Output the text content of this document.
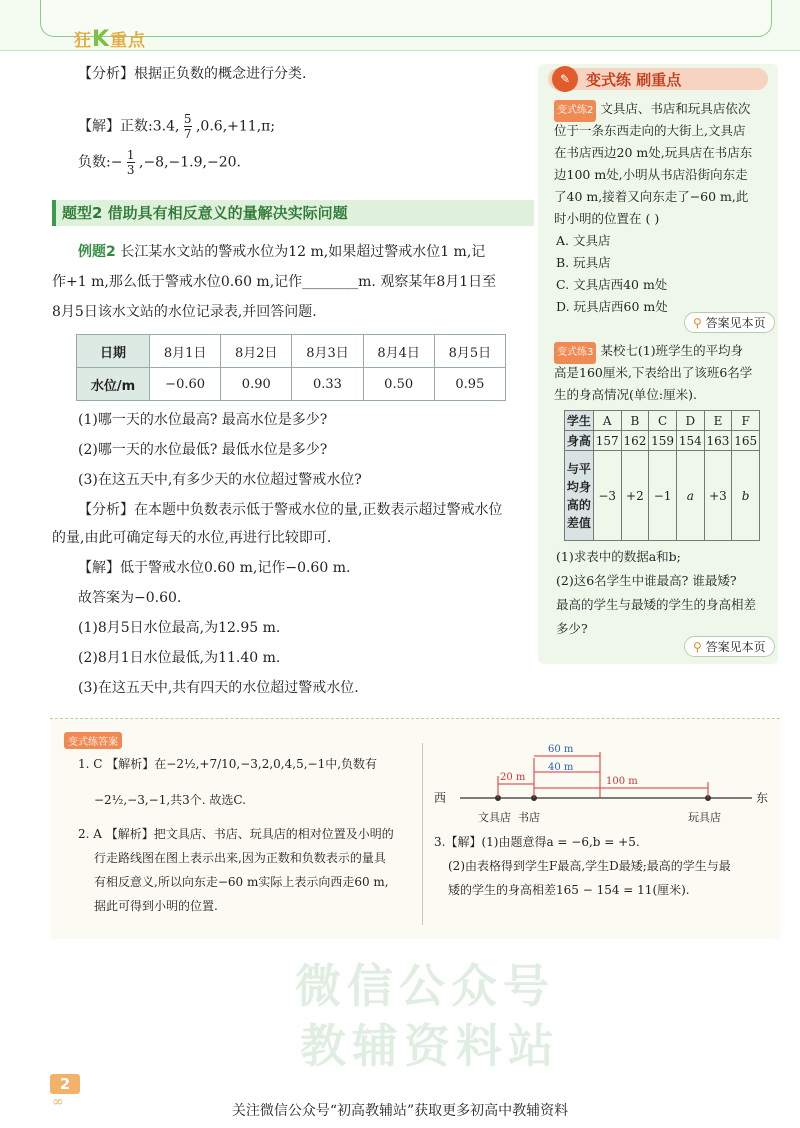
狂K重点
微信公众号
教辅资料站
【分析】根据正负数的概念进行分类.
【解】正数:3.4, $\frac{5}{7} ,0.6,+11,\pi$;
负数:− $\frac{1}{3} ,-8,-1.9,-20$.
题型2 借助具有相反意义的量解决实际问题
例题2 长江某水文站的警戒水位为12 m,如果超过警戒水位1 m,记
作+1 m,那么低于警戒水位0.60 m,记作________m. 观察某年8月1日至
8月5日该水文站的水位记录表,并回答问题.
日期	8月1日	8月2日	8月3日	8月4日	8月5日
水位/m	−0.60	0.90	0.33	0.50	0.95
(1)哪一天的水位最高? 最高水位是多少?
(2)哪一天的水位最低? 最低水位是多少?
(3)在这五天中,有多少天的水位超过警戒水位?
【分析】在本题中负数表示低于警戒水位的量,正数表示超过警戒水位
的量,由此可确定每天的水位,再进行比较即可.
【解】低于警戒水位0.60 m,记作−0.60 m.
故答案为−0.60.
(1)8月5日水位最高,为12.95 m.
(2)8月1日水位最低,为11.40 m.
(3)在这五天中,共有四天的水位超过警戒水位.
✎	变式练 刷重点
变式练2 文具店、书店和玩具店依次
位于一条东西走向的大街上,文具店
在书店西边20 m处,玩具店在书店东
边100 m处,小明从书店沿街向东走
了40 m,接着又向东走了−60 m,此
时小明的位置在 ( )
A. 文具店
B. 玩具店
C. 文具店西40 m处
D. 玩具店西60 m处
⚲ 答案见本页
变式练3 某校七(1)班学生的平均身
高是160厘米,下表给出了该班6名学
生的身高情况(单位:厘米).
学生	A	B	C	D	E	F
身高	157	162	159	154	163	165

与平
均身
高的
差值	−3	+2	−1	a	+3	b
(1)求表中的数据a和b;
(2)这6名学生中谁最高? 谁最矮?
最高的学生与最矮的学生的身高相差
多少?
⚲ 答案见本页
变式练答案
1. C 【解析】在−2½,+7/10,−3,2,0,4,5,−1中,负数有
−2½,−3,−1,共3个. 故选C.
2. A 【解析】把文具店、书店、玩具店的相对位置及小明的
行走路线图在图上表示出来,因为正数和负数表示的量具
有相反意义,所以向东走−60 m实际上表示向西走60 m,
据此可得到小明的位置.
西	东
60 m
40 m
20 m	100 m
文具店 书店	玩具店
3.【解】(1)由题意得a = −6,b = +5.
(2)由表格得到学生F最高,学生D最矮;最高的学生与最
矮的学生的身高相差165 − 154 = 11(厘米).
2
∞
关注微信公众号“初高教辅站”获取更多初高中教辅资料
